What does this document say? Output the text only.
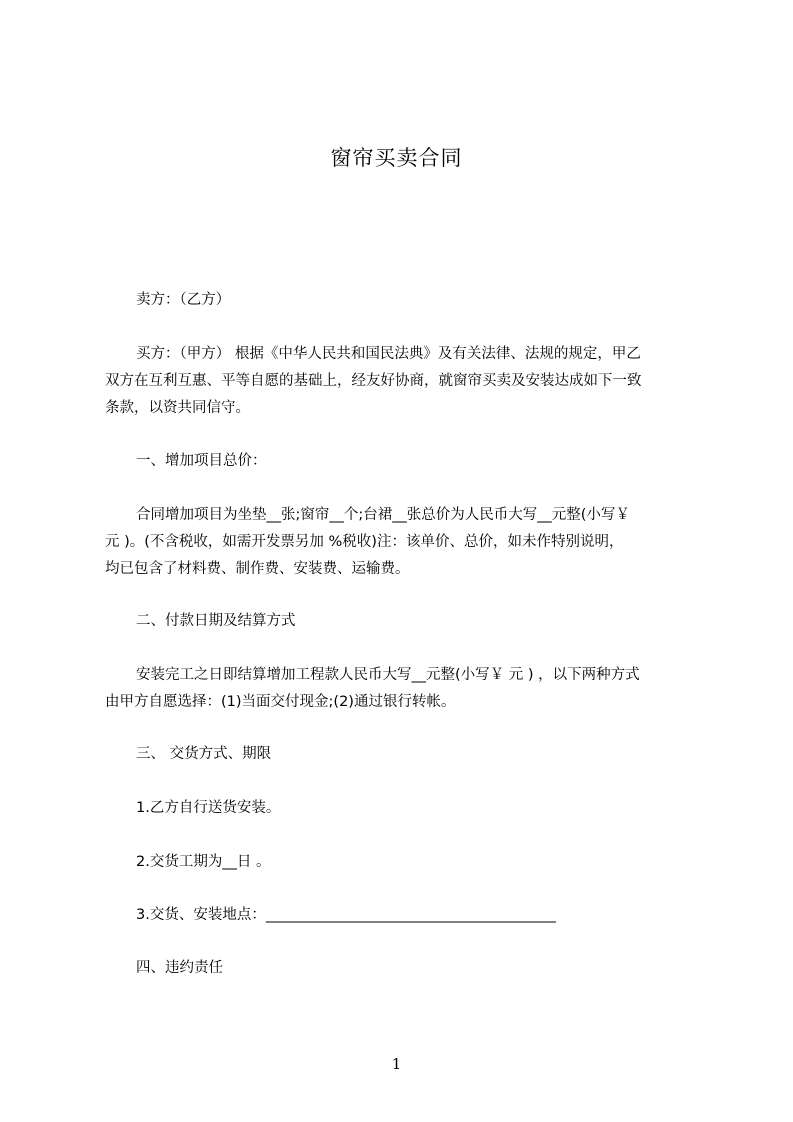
窗帘买卖合同
卖方：（乙方）
买方：（甲方） 根据《中华人民共和国民法典》及有关法律、法规的规定，甲乙
双方在互利互惠、平等自愿的基础上，经友好协商，就窗帘买卖及安装达成如下一致
条款，以资共同信守。
一、增加项目总价：
合同增加项目为坐垫__张;窗帘__个;台裙__张总价为人民币大写__元整(小写￥
元 )。(不含税收，如需开发票另加 %税收)注：该单价、总价，如未作特别说明，
均已包含了材料费、制作费、安装费、运输费。
二、付款日期及结算方式
安装完工之日即结算增加工程款人民币大写__元整(小写￥ 元 ) ，以下两种方式
由甲方自愿选择：(1)当面交付现金;(2)通过银行转帐。
三、 交货方式、期限
1.乙方自行送货安装。
2.交货工期为__日 。
3.交货、安装地点：________________________________________
四、违约责任
1
